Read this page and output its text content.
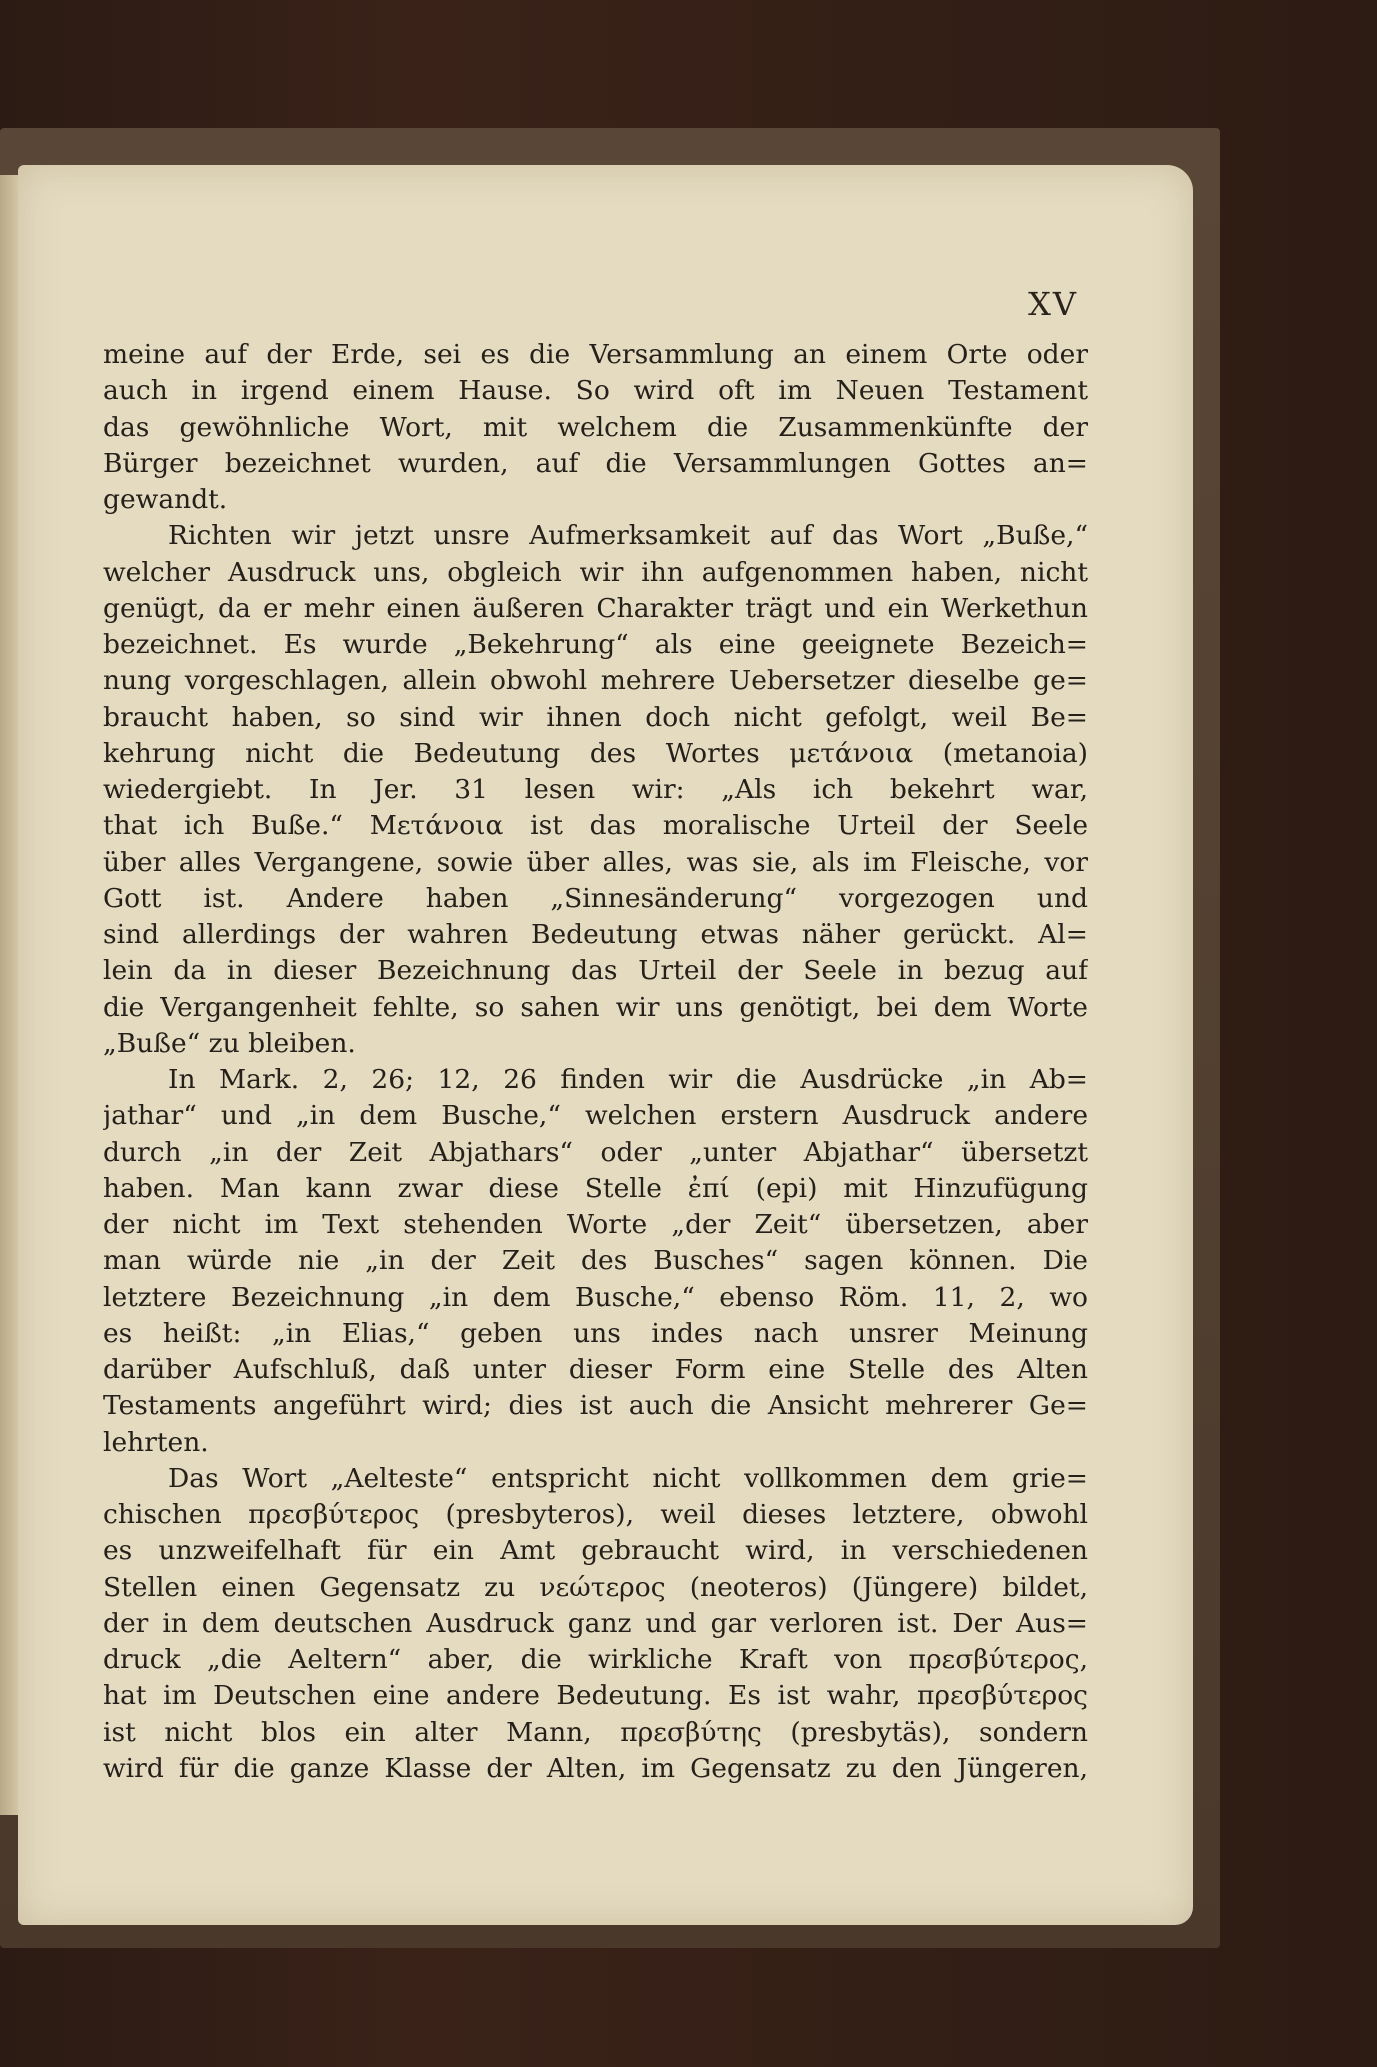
XV
meine auf der Erde, sei es die Versammlung an einem Orte oder
auch in irgend einem Hause. So wird oft im Neuen Testament
das gewöhnliche Wort, mit welchem die Zusammenkünfte der
Bürger bezeichnet wurden, auf die Versammlungen Gottes an=
gewandt.
Richten wir jetzt unsre Aufmerksamkeit auf das Wort „Buße,“
welcher Ausdruck uns, obgleich wir ihn aufgenommen haben, nicht
genügt, da er mehr einen äußeren Charakter trägt und ein Werkethun
bezeichnet. Es wurde „Bekehrung“ als eine geeignete Bezeich=
nung vorgeschlagen, allein obwohl mehrere Uebersetzer dieselbe ge=
braucht haben, so sind wir ihnen doch nicht gefolgt, weil Be=
kehrung nicht die Bedeutung des Wortes μετάνοια (metanoia)
wiedergiebt. In Jer. 31 lesen wir: „Als ich bekehrt war,
that ich Buße.“ Μετάνοια ist das moralische Urteil der Seele
über alles Vergangene, sowie über alles, was sie, als im Fleische, vor
Gott ist. Andere haben „Sinnesänderung“ vorgezogen und
sind allerdings der wahren Bedeutung etwas näher gerückt. Al=
lein da in dieser Bezeichnung das Urteil der Seele in bezug auf
die Vergangenheit fehlte, so sahen wir uns genötigt, bei dem Worte
„Buße“ zu bleiben.
In Mark. 2, 26; 12, 26 finden wir die Ausdrücke „in Ab=
jathar“ und „in dem Busche,“ welchen erstern Ausdruck andere
durch „in der Zeit Abjathars“ oder „unter Abjathar“ übersetzt
haben. Man kann zwar diese Stelle ἐπί (epi) mit Hinzufügung
der nicht im Text stehenden Worte „der Zeit“ übersetzen, aber
man würde nie „in der Zeit des Busches“ sagen können. Die
letztere Bezeichnung „in dem Busche,“ ebenso Röm. 11, 2, wo
es heißt: „in Elias,“ geben uns indes nach unsrer Meinung
darüber Aufschluß, daß unter dieser Form eine Stelle des Alten
Testaments angeführt wird; dies ist auch die Ansicht mehrerer Ge=
lehrten.
Das Wort „Aelteste“ entspricht nicht vollkommen dem grie=
chischen πρεσβύτερος (presbyteros), weil dieses letztere, obwohl
es unzweifelhaft für ein Amt gebraucht wird, in verschiedenen
Stellen einen Gegensatz zu νεώτερος (neoteros) (Jüngere) bildet,
der in dem deutschen Ausdruck ganz und gar verloren ist. Der Aus=
druck „die Aeltern“ aber, die wirkliche Kraft von πρεσβύτερος,
hat im Deutschen eine andere Bedeutung. Es ist wahr, πρεσβύτερος
ist nicht blos ein alter Mann, πρεσβύτης (presbytäs), sondern
wird für die ganze Klasse der Alten, im Gegensatz zu den Jüngeren,
